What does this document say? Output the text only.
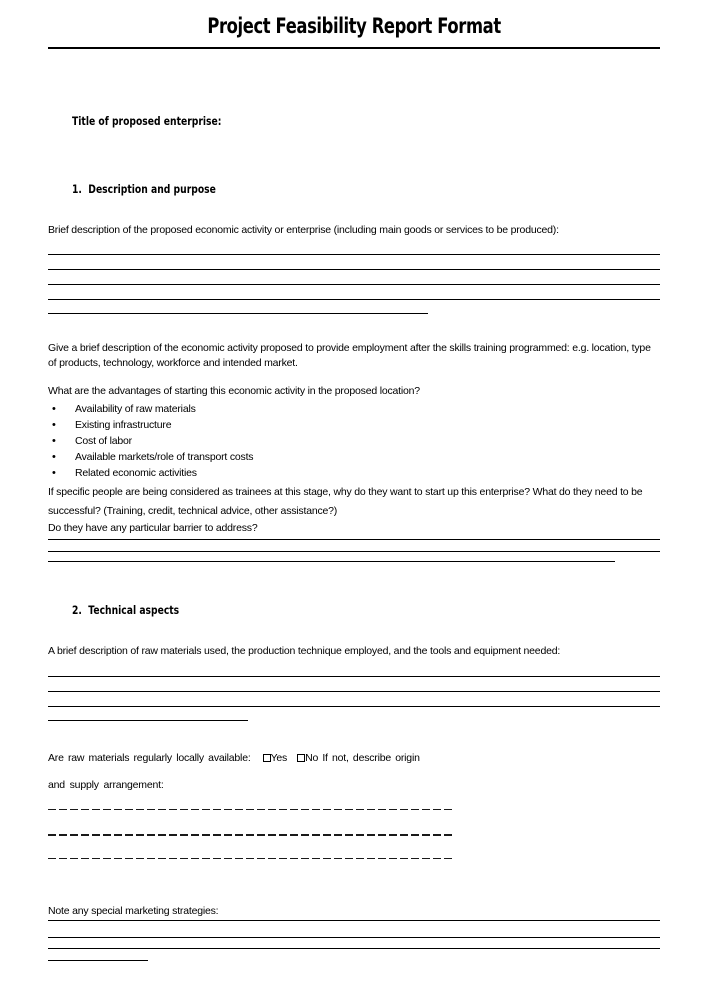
Project Feasibility Report Format

Title of proposed enterprise:

1.  Description and purpose

Brief description of the proposed economic activity or enterprise (including main goods or services to be produced):

Give a brief description of the economic activity proposed to provide employment after the skills training programmed: e.g. location, type of products, technology, workforce and intended market.

What are the advantages of starting this economic activity in the proposed location?

•
Availability of raw materials
•
Existing infrastructure
•
Cost of labor
•
Available markets/role of transport costs
•
Related economic activities

If specific people are being considered as trainees at this stage, why do they want to start up this enterprise? What do they need to be successful? (Training, credit, technical advice, other assistance?)

Do they have any particular barrier to address?

2.  Technical aspects

A brief description of raw materials used, the production technique employed, and the tools and equipment needed:

Are raw materials regularly locally available: Yes No If not, describe origin

and supply arrangement:

Note any special marketing strategies:
